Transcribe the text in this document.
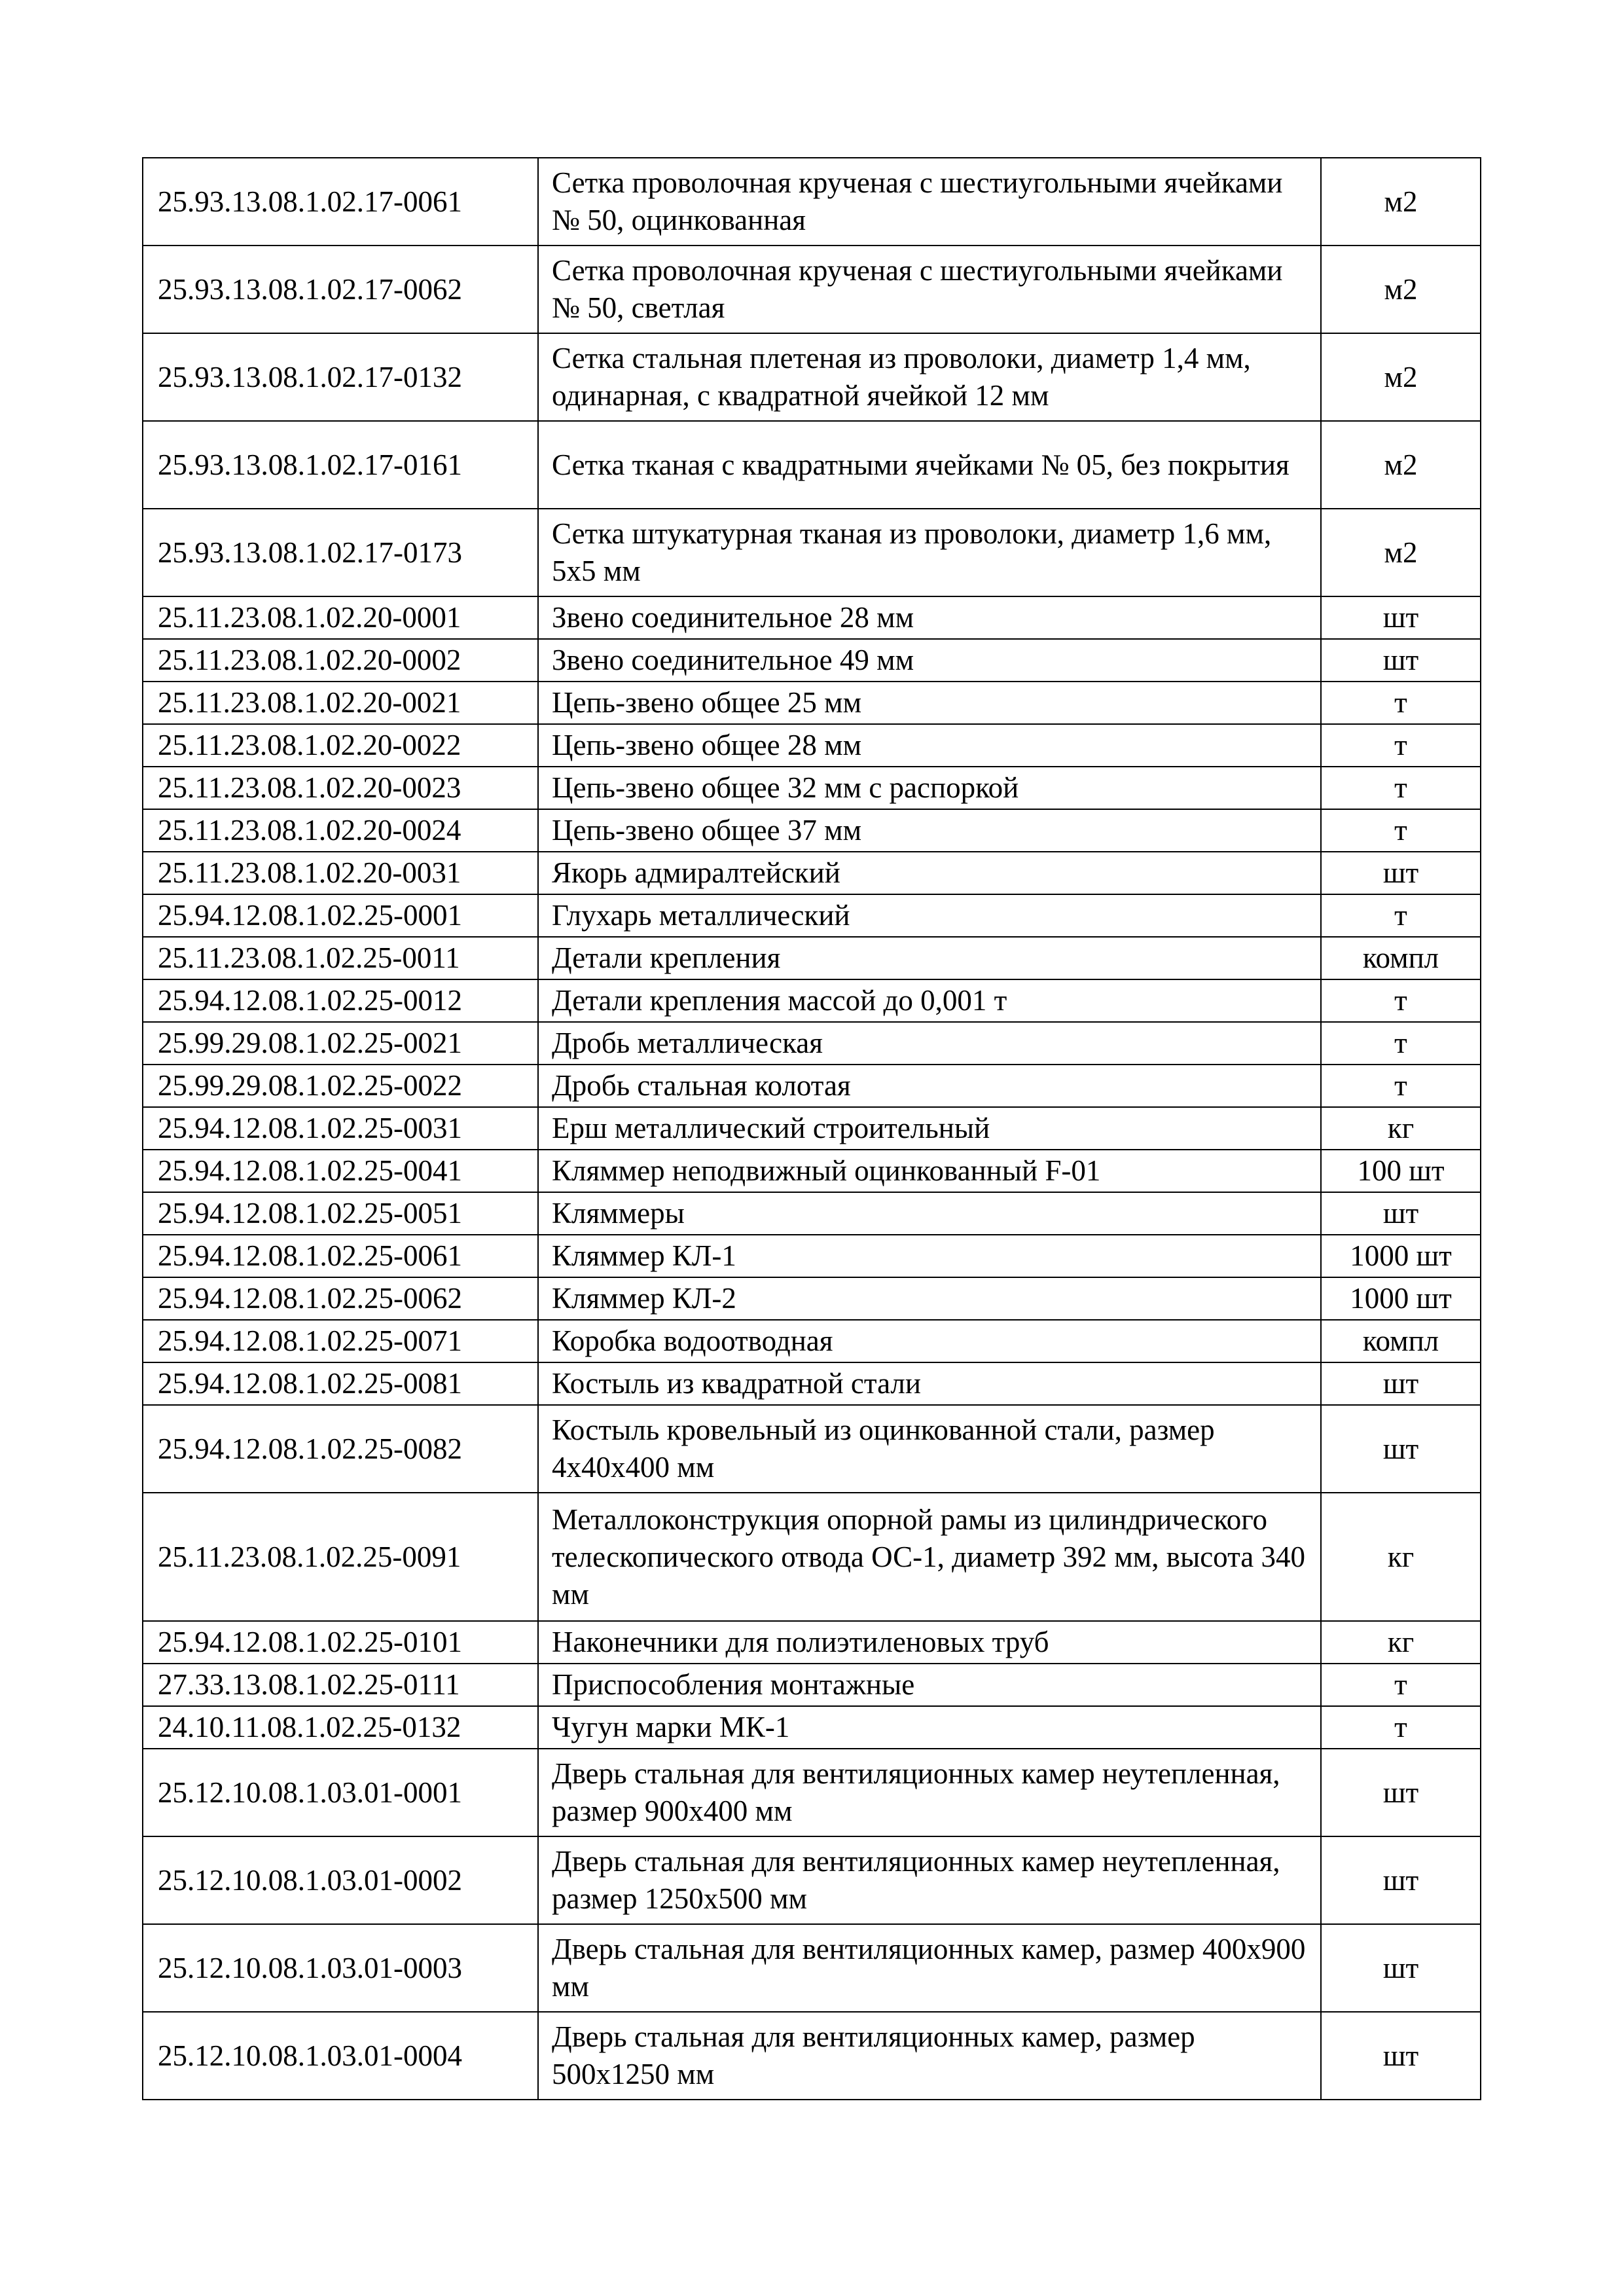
25.93.13.08.1.02.17-0061	Сетка проволочная крученая с шестиугольными ячейками № 50, оцинкованная	м2
25.93.13.08.1.02.17-0062	Сетка проволочная крученая с шестиугольными ячейками № 50, светлая	м2
25.93.13.08.1.02.17-0132	Сетка стальная плетеная из проволоки, диаметр 1,4 мм, одинарная, с квадратной ячейкой 12 мм	м2
25.93.13.08.1.02.17-0161	Сетка тканая с квадратными ячейками № 05, без покрытия	м2
25.93.13.08.1.02.17-0173	Сетка штукатурная тканая из проволоки, диаметр 1,6 мм, 5х5 мм	м2
25.11.23.08.1.02.20-0001	Звено соединительное 28 мм	шт
25.11.23.08.1.02.20-0002	Звено соединительное 49 мм	шт
25.11.23.08.1.02.20-0021	Цепь-звено общее 25 мм	т
25.11.23.08.1.02.20-0022	Цепь-звено общее 28 мм	т
25.11.23.08.1.02.20-0023	Цепь-звено общее 32 мм с распоркой	т
25.11.23.08.1.02.20-0024	Цепь-звено общее 37 мм	т
25.11.23.08.1.02.20-0031	Якорь адмиралтейский	шт
25.94.12.08.1.02.25-0001	Глухарь металлический	т
25.11.23.08.1.02.25-0011	Детали крепления	компл
25.94.12.08.1.02.25-0012	Детали крепления массой до 0,001 т	т
25.99.29.08.1.02.25-0021	Дробь металлическая	т
25.99.29.08.1.02.25-0022	Дробь стальная колотая	т
25.94.12.08.1.02.25-0031	Ерш металлический строительный	кг
25.94.12.08.1.02.25-0041	Кляммер неподвижный оцинкованный F-01	100 шт
25.94.12.08.1.02.25-0051	Кляммеры	шт
25.94.12.08.1.02.25-0061	Кляммер КЛ-1	1000 шт
25.94.12.08.1.02.25-0062	Кляммер КЛ-2	1000 шт
25.94.12.08.1.02.25-0071	Коробка водоотводная	компл
25.94.12.08.1.02.25-0081	Костыль из квадратной стали	шт
25.94.12.08.1.02.25-0082	Костыль кровельный из оцинкованной стали, размер 4х40х400 мм	шт
25.11.23.08.1.02.25-0091	Металлоконструкция опорной рамы из цилиндрического телескопического отвода ОС-1, диаметр 392 мм, высота 340 мм	кг
25.94.12.08.1.02.25-0101	Наконечники для полиэтиленовых труб	кг
27.33.13.08.1.02.25-0111	Приспособления монтажные	т
24.10.11.08.1.02.25-0132	Чугун марки МК-1	т
25.12.10.08.1.03.01-0001	Дверь стальная для вентиляционных камер неутепленная, размер 900х400 мм	шт
25.12.10.08.1.03.01-0002	Дверь стальная для вентиляционных камер неутепленная, размер 1250х500 мм	шт
25.12.10.08.1.03.01-0003	Дверь стальная для вентиляционных камер, размер 400х900 мм	шт
25.12.10.08.1.03.01-0004	Дверь стальная для вентиляционных камер, размер 500х1250 мм	шт
